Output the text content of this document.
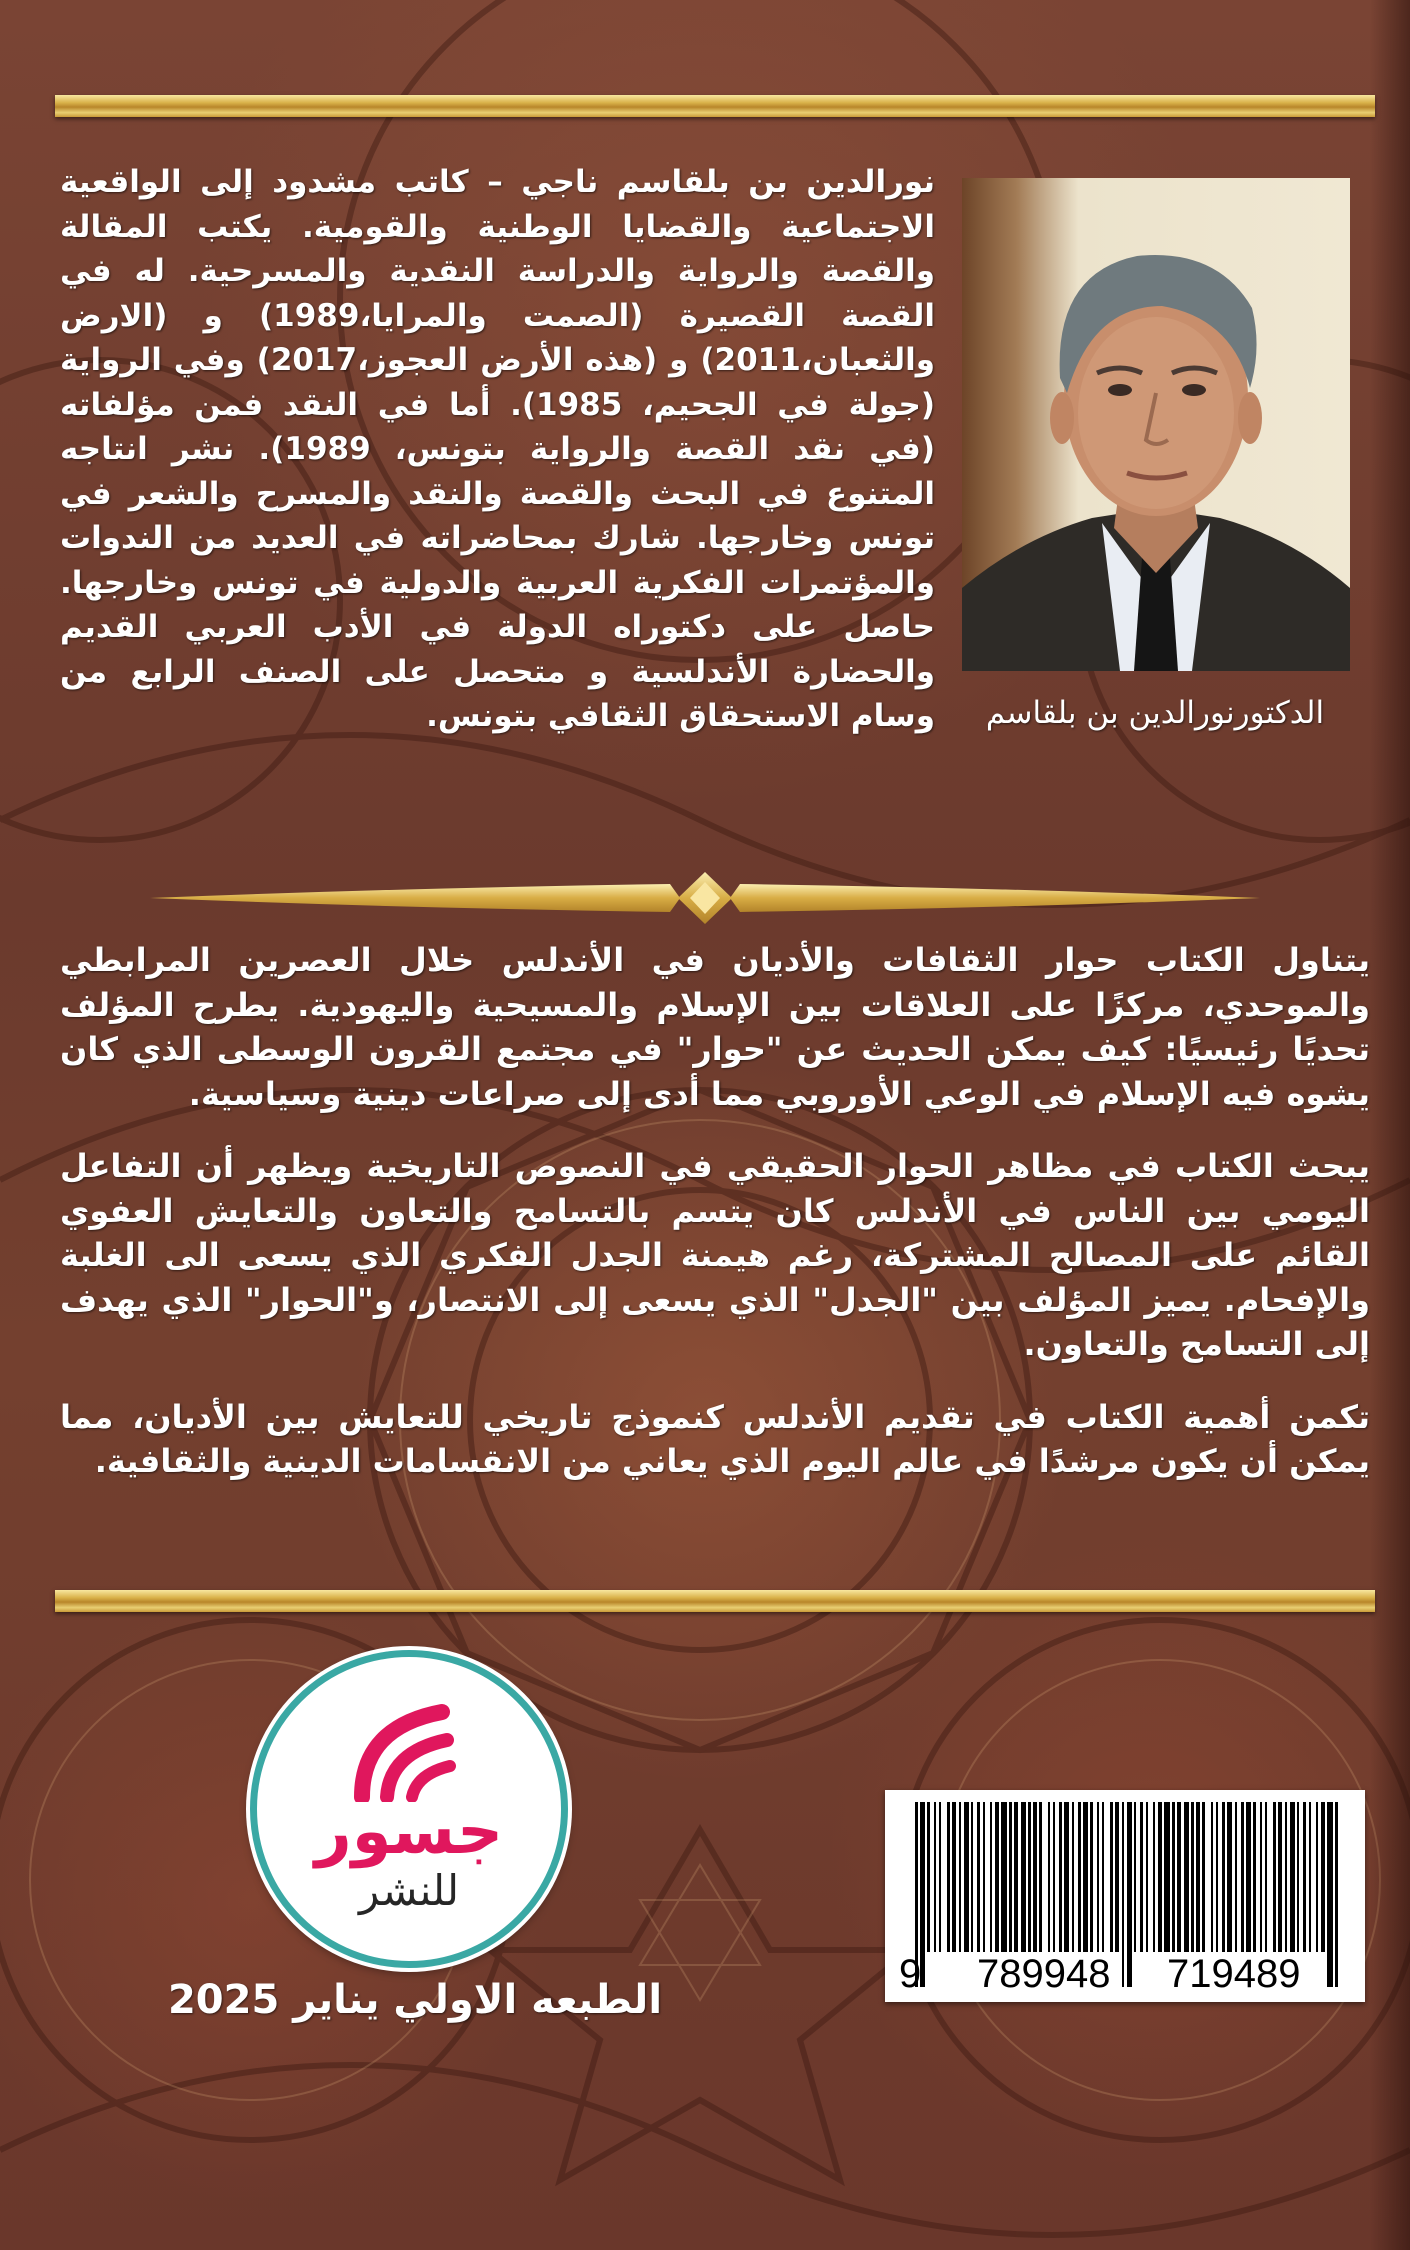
نورالدين بن بلقاسم ناجي – كاتب مشدود إلى الواقعية الاجتماعية والقضايا الوطنية والقومية. يكتب المقالة والقصة والرواية والدراسة النقدية والمسرحية. له في القصة القصيرة (الصمت والمرايا،1989) و (الارض والثعبان،2011) و (هذه الأرض العجوز،2017) وفي الرواية (جولة في الجحيم، 1985). أما في النقد فمن مؤلفاته (في نقد القصة والرواية بتونس، 1989). نشر انتاجه المتنوع في البحث والقصة والنقد والمسرح والشعر في تونس وخارجها. شارك بمحاضراته في العديد من الندوات والمؤتمرات الفكرية العربية والدولية في تونس وخارجها. حاصل على دكتوراه الدولة في الأدب العربي القديم والحضارة الأندلسية و متحصل على الصنف الرابع من وسام الاستحقاق الثقافي بتونس.	الدكتورنورالدين بن بلقاسم

يتناول الكتاب حوار الثقافات والأديان في الأندلس خلال العصرين المرابطي والموحدي، مركزًا على العلاقات بين الإسلام والمسيحية واليهودية. يطرح المؤلف تحديًا رئيسيًا: كيف يمكن الحديث عن "حوار" في مجتمع القرون الوسطى الذي كان يشوه فيه الإسلام في الوعي الأوروبي مما أدى إلى صراعات دينية وسياسية.

يبحث الكتاب في مظاهر الحوار الحقيقي في النصوص التاريخية ويظهر أن التفاعل اليومي بين الناس في الأندلس كان يتسم بالتسامح والتعاون والتعايش العفوي القائم على المصالح المشتركة، رغم هيمنة الجدل الفكري الذي يسعى الى الغلبة والإفحام. يميز المؤلف بين "الجدل" الذي يسعى إلى الانتصار، و"الحوار" الذي يهدف إلى التسامح والتعاون.

تكمن أهمية الكتاب في تقديم الأندلس كنموذج تاريخي للتعايش بين الأديان، مما يمكن أن يكون مرشدًا في عالم اليوم الذي يعاني من الانقسامات الدينية والثقافية.

جسور
للنشر
الطبعه الاولي يناير 2025
9 789948 719489
